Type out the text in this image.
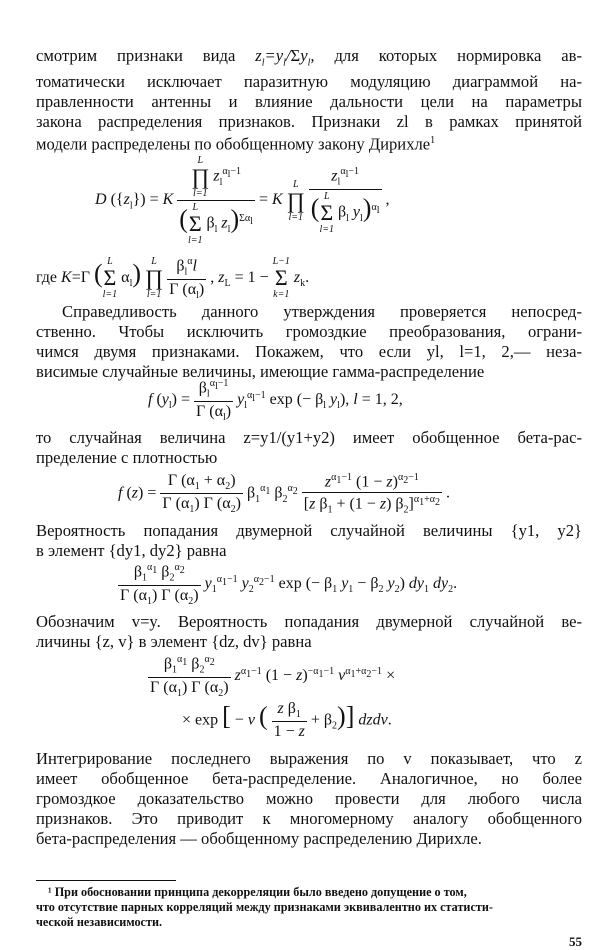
смотрим признаки вида $z_l=y_l/\Sigma y_l$, для которых нормировка ав-
томатически исключает паразитную модуляцию диаграммой на-
правленности антенны и влияние дальности цели на параметры
закона распределения признаков. Признаки zl в рамках принятой
модели распределены по обобщенному закону Дирихле$^1$
D $(\{z_l\}) = K$ L
∏
l=1
$z_l^{\alpha_l-1}$
( L
Σ
l=1
$\beta_l$ $z_l)^{\Sigma\alpha_l} = K$
L
∏
l=1
$z_l^{\alpha_l-1}$
( L
Σ
l=1
$\beta_l$ $y_l)^{\alpha_l}$ ,
где K=Γ ( L
Σ
l=1
$\alpha_l$)	L
∏
l=1
$\frac{\beta_l^\alpha l}{\Gamma (\alpha_l)}$ , $z_L = 1$ −
L−1
Σ
k=1
$z_k$.
Справедливость данного утверждения проверяется непосред-
ственно. Чтобы исключить громоздкие преобразования, ограни-
чимся двумя признаками. Покажем, что если yl, l=1, 2,— неза-
висимые случайные величины, имеющие гамма-распределение
f $(y_l) = \frac{\beta_l^{\alpha_l-1}}{\Gamma (\alpha_l)} y_l^{\alpha_l-1}$ exp (− $\beta_l$ $y_l$), l = 1, 2,
то случайная величина z=y1/(y1+y2) имеет обобщенное бета-рас-
пределение с плотностью
f $(z) = \frac{\Gamma (\alpha_1 + \alpha_2)}{\Gamma (\alpha_1) \Gamma (\alpha_2)} \beta_1^{\alpha_1}$ $\beta_2^{\alpha_2} \frac{z^{\alpha_1-1} (1 - z)^{\alpha_2-1}}{[z \beta_1 + (1 - z) \beta_2]^{\alpha_1+\alpha_2}}$ .
Вероятность попадания двумерной случайной величины {y1, y2}
в элемент {dy1, dy2} равна
$\frac{\beta_1^{\alpha_1} \beta_2^{\alpha_2}}{\Gamma (\alpha_1) \Gamma (\alpha_2)} y_1^{\alpha_1-1}$ $y_2^{\alpha_2-1}$ exp (− $\beta_1$ $y_1 - \beta_2$ $y_2$) $dy_1$ $dy_2$.
Обозначим v=y. Вероятность попадания двумерной случайной ве-
личины {z, v} в элемент {dz, dv} равна
$\frac{\beta_1^{\alpha_1} \beta_2^{\alpha_2}}{\Gamma (\alpha_1) \Gamma (\alpha_2)} z^{\alpha_1-1}$ $(1 - z)^{-\alpha_1-1}$ $v^{\alpha_1+\alpha_2-1}$ ×
× exp [ − v ( $\frac{z \beta_1}{1 - z} + \beta_2$)] dzdv.
Интегрирование последнего выражения по v показывает, что z
имеет обобщенное бета-распределение. Аналогичное, но более
громоздкое доказательство можно провести для любого числа
признаков. Это приводит к многомерному аналогу обобщенного
бета-распределения — обобщенному распределению Дирихле.
¹ При обосновании принципа декорреляции было введено допущение о том,
что отсутствие парных корреляций между признаками эквивалентно их статисти-
ческой независимости.
55
